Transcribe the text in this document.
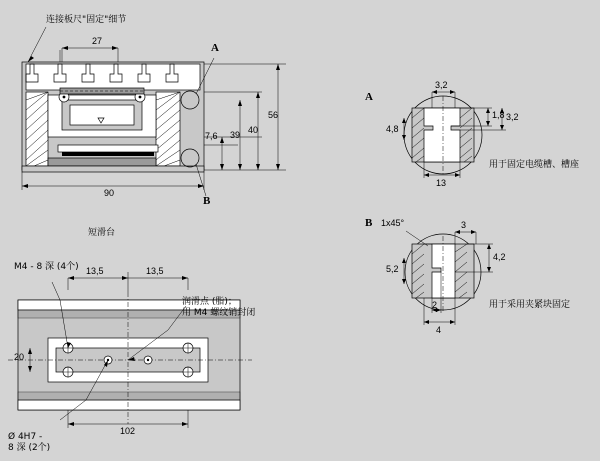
连接板尺"固定"细节
27
90
56
40
39
7,6
A
B
A
3,2
1,8 3,2
4,8
13
用于固定电缆槽、槽座
B 1x45°	3
4,2
5,2
2
4
用于采用夹紧块固定
短滑台
M4 - 8 深 (4个) 13,5	13,5
20
102
润滑点 (脂)；
用 M4 螺纹销封闭
Ø 4H7 -
8 深 (2个)
